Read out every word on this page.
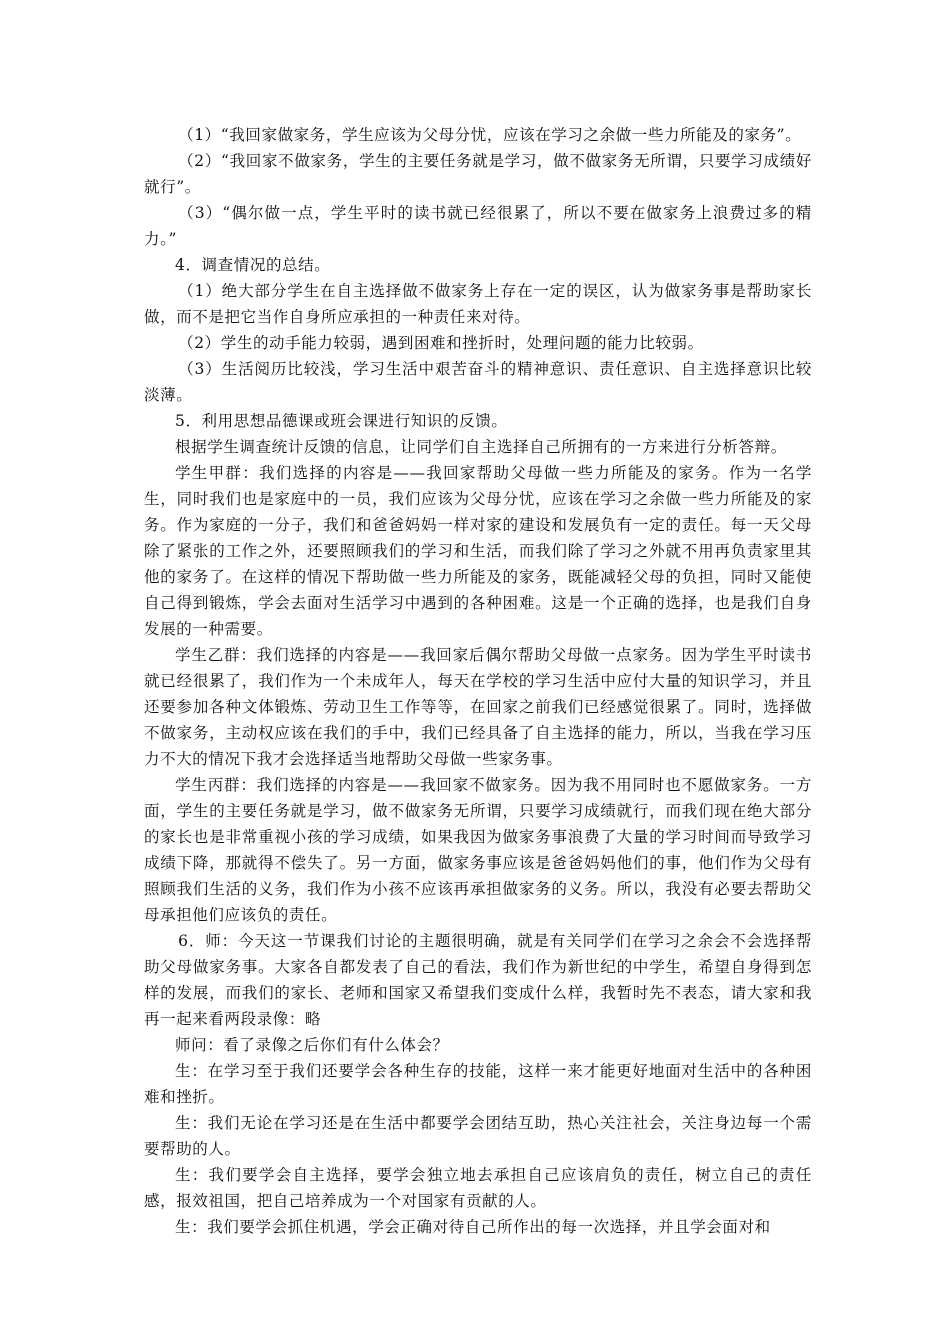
（1）“我回家做家务，学生应该为父母分忧，应该在学习之余做一些力所能及的家务”。

（2）“我回家不做家务，学生的主要任务就是学习，做不做家务无所谓，只要学习成绩好就行”。

（3）“偶尔做一点，学生平时的读书就已经很累了，所以不要在做家务上浪费过多的精力。”

4．调查情况的总结。

（1）绝大部分学生在自主选择做不做家务上存在一定的误区，认为做家务事是帮助家长做，而不是把它当作自身所应承担的一种责任来对待。

（2）学生的动手能力较弱，遇到困难和挫折时，处理问题的能力比较弱。

（3）生活阅历比较浅，学习生活中艰苦奋斗的精神意识、责任意识、自主选择意识比较淡薄。

5．利用思想品德课或班会课进行知识的反馈。

根据学生调查统计反馈的信息，让同学们自主选择自己所拥有的一方来进行分析答辩。

学生甲群：我们选择的内容是——我回家帮助父母做一些力所能及的家务。作为一名学生，同时我们也是家庭中的一员，我们应该为父母分忧，应该在学习之余做一些力所能及的家务。作为家庭的一分子，我们和爸爸妈妈一样对家的建设和发展负有一定的责任。每一天父母除了紧张的工作之外，还要照顾我们的学习和生活，而我们除了学习之外就不用再负责家里其他的家务了。在这样的情况下帮助做一些力所能及的家务，既能减轻父母的负担，同时又能使自己得到锻炼，学会去面对生活学习中遇到的各种困难。这是一个正确的选择，也是我们自身发展的一种需要。

学生乙群：我们选择的内容是——我回家后偶尔帮助父母做一点家务。因为学生平时读书就已经很累了，我们作为一个未成年人，每天在学校的学习生活中应付大量的知识学习，并且还要参加各种文体锻炼、劳动卫生工作等等，在回家之前我们已经感觉很累了。同时，选择做不做家务，主动权应该在我们的手中，我们已经具备了自主选择的能力，所以，当我在学习压力不大的情况下我才会选择适当地帮助父母做一些家务事。

学生丙群：我们选择的内容是——我回家不做家务。因为我不用同时也不愿做家务。一方面，学生的主要任务就是学习，做不做家务无所谓，只要学习成绩就行，而我们现在绝大部分的家长也是非常重视小孩的学习成绩，如果我因为做家务事浪费了大量的学习时间而导致学习成绩下降，那就得不偿失了。另一方面，做家务事应该是爸爸妈妈他们的事，他们作为父母有照顾我们生活的义务，我们作为小孩不应该再承担做家务的义务。所以，我没有必要去帮助父母承担他们应该负的责任。

6．师：今天这一节课我们讨论的主题很明确，就是有关同学们在学习之余会不会选择帮助父母做家务事。大家各自都发表了自己的看法，我们作为新世纪的中学生，希望自身得到怎样的发展，而我们的家长、老师和国家又希望我们变成什么样，我暂时先不表态，请大家和我再一起来看两段录像：略

师问：看了录像之后你们有什么体会？

生：在学习至于我们还要学会各种生存的技能，这样一来才能更好地面对生活中的各种困难和挫折。

生：我们无论在学习还是在生活中都要学会团结互助，热心关注社会，关注身边每一个需要帮助的人。

生：我们要学会自主选择，要学会独立地去承担自己应该肩负的责任，树立自己的责任感，报效祖国，把自己培养成为一个对国家有贡献的人。

生：我们要学会抓住机遇，学会正确对待自己所作出的每一次选择，并且学会面对和
